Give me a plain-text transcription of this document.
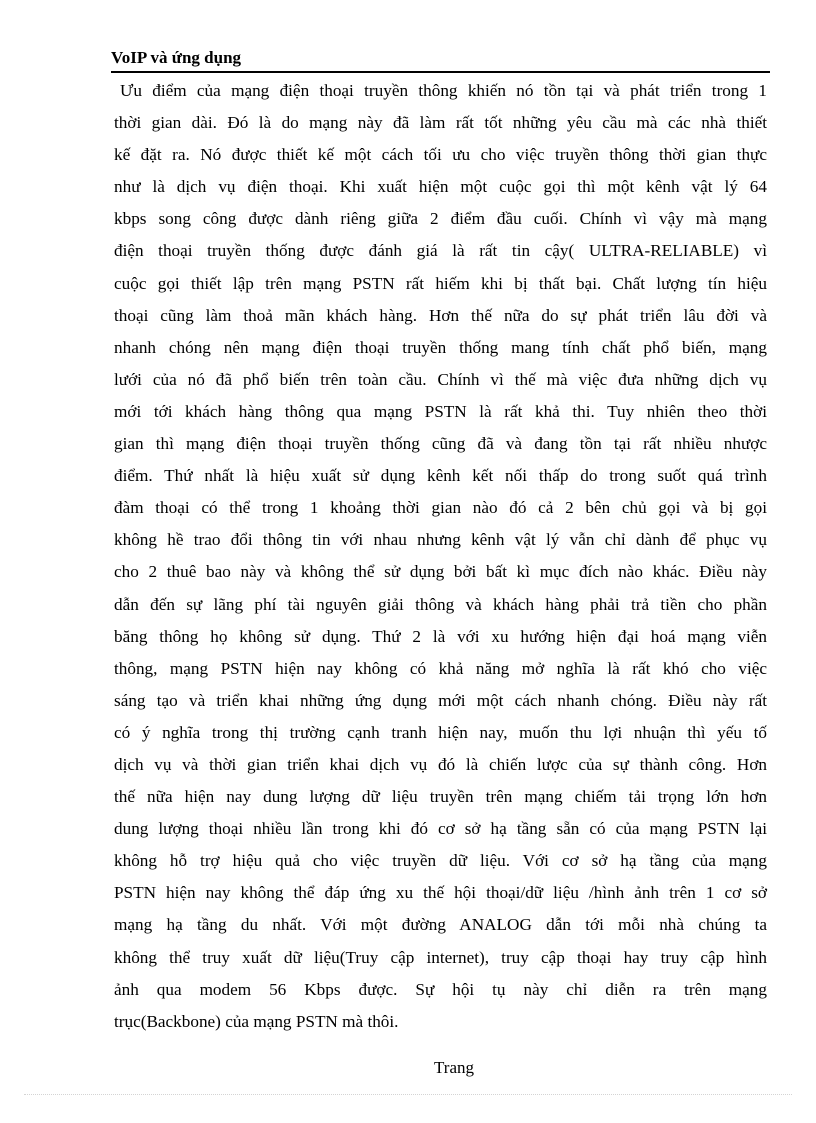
VoIP và ứng dụng
Ưu điểm của mạng điện thoại truyền thông khiến nó tồn tại và phát triển trong 1
thời gian dài. Đó là do mạng này đã làm rất tốt những yêu cầu mà các nhà thiết
kế đặt ra. Nó được thiết kế một cách tối ưu cho việc truyền thông thời gian thực
như là dịch vụ điện thoại. Khi xuất hiện một cuộc gọi thì một kênh vật lý 64
kbps song công được dành riêng giữa 2 điểm đầu cuối. Chính vì vậy mà mạng
điện thoại truyền thống được đánh giá là rất tin cậy( ULTRA-RELIABLE) vì
cuộc gọi thiết lập trên mạng PSTN rất hiếm khi bị thất bại. Chất lượng tín hiệu
thoại cũng làm thoả mãn khách hàng. Hơn thế nữa do sự phát triển lâu đời và
nhanh chóng nên mạng điện thoại truyền thống mang tính chất phổ biến, mạng
lưới của nó đã phổ biến trên toàn cầu. Chính vì thế mà việc đưa những dịch vụ
mới tới khách hàng thông qua mạng PSTN là rất khả thi. Tuy nhiên theo thời
gian thì mạng điện thoại truyền thống cũng đã và đang tồn tại rất nhiều nhược
điểm. Thứ nhất là hiệu xuất sử dụng kênh kết nối thấp do trong suốt quá trình
đàm thoại có thể trong 1 khoảng thời gian nào đó cả 2 bên chủ gọi và bị gọi
không hề trao đổi thông tin với nhau nhưng kênh vật lý vẫn chỉ dành để phục vụ
cho 2 thuê bao này và không thể sử dụng bởi bất kì mục đích nào khác. Điều này
dẫn đến sự lãng phí tài nguyên giải thông và khách hàng phải trả tiền cho phần
băng thông họ không sử dụng. Thứ 2 là với xu hướng hiện đại hoá mạng viễn
thông, mạng PSTN hiện nay không có khả năng mở nghĩa là rất khó cho việc
sáng tạo và triển khai những ứng dụng mới một cách nhanh chóng. Điều này rất
có ý nghĩa trong thị trường cạnh tranh hiện nay, muốn thu lợi nhuận thì yếu tố
dịch vụ và thời gian triển khai dịch vụ đó là chiến lược của sự thành công. Hơn
thế nữa hiện nay dung lượng dữ liệu truyền trên mạng chiếm tải trọng lớn hơn
dung lượng thoại nhiều lần trong khi đó cơ sở hạ tầng sẵn có của mạng PSTN lại
không hỗ trợ hiệu quả cho việc truyền dữ liệu. Với cơ sở hạ tầng của mạng
PSTN hiện nay không thể đáp ứng xu thế hội thoại/dữ liệu /hình ảnh trên 1 cơ sở
mạng hạ tầng du nhất. Với một đường ANALOG dẫn tới mỗi nhà chúng ta
không thể truy xuất dữ liệu(Truy cập internet), truy cập thoại hay truy cập hình
ảnh qua modem 56 Kbps được. Sự hội tụ này chỉ diễn ra trên mạng
trục(Backbone) của mạng PSTN mà thôi.
Trang
